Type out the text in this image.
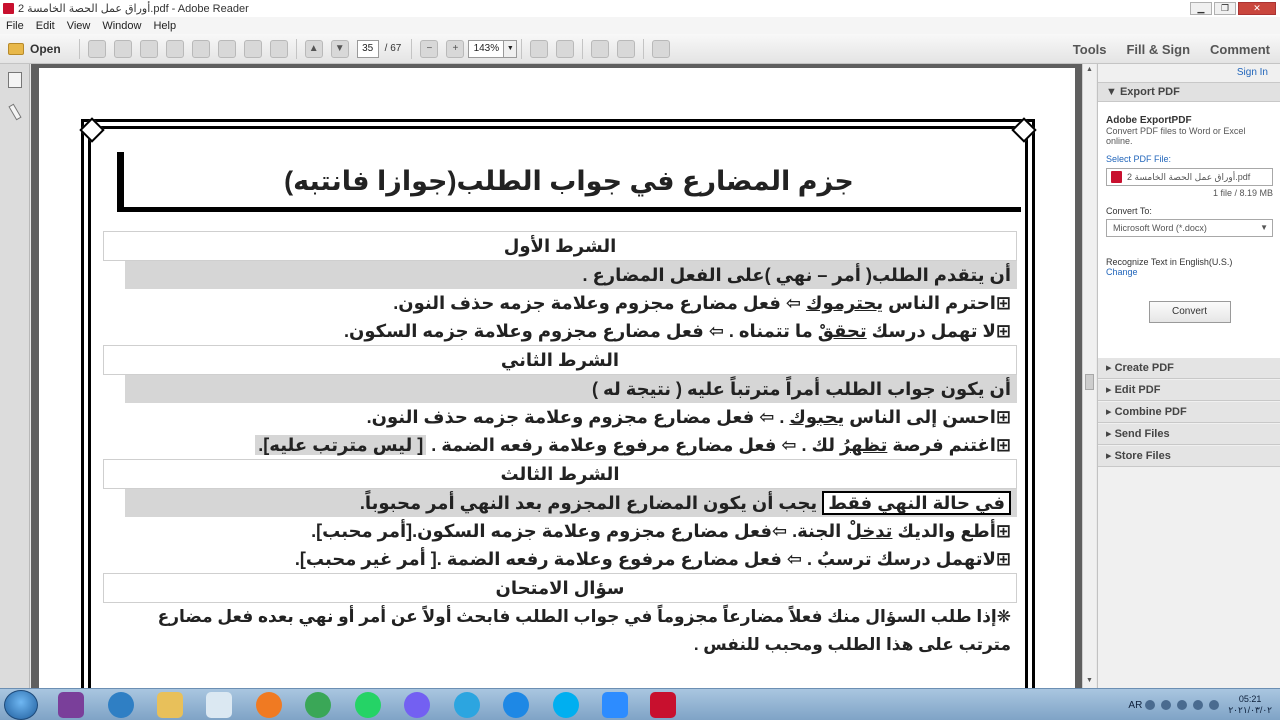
أوراق عمل الحصة الخامسة 2.pdf - Adobe Reader	▁	❐	✕
File	Edit	View	Window	Help
Open	▲	▼	35	/ 67	−	+	143%	▼	Tools	Fill & Sign	Comment
جزم المضارع في جواب الطلب(جوازا فانتبه)
الشرط الأول
أن يتقدم الطلب( أمر – نهي )على الفعل المضارع .
⊞احترم الناس يحترموك ⇦ فعل مضارع مجزوم وعلامة جزمه حذف النون.
⊞لا تهمل درسك تحققْ ما تتمناه . ⇦ فعل مضارع مجزوم وعلامة جزمه السكون.
الشرط الثاني
أن يكون جواب الطلب أمراً مترتباً عليه ( نتيجة له )
⊞احسن إلى الناس يحبوك . ⇦ فعل مضارع مجزوم وعلامة جزمه حذف النون.
⊞اغتنم فرصة تظهرُ لك . ⇦ فعل مضارع مرفوع وعلامة رفعه الضمة . [ ليس مترتب عليه].
الشرط الثالث
في حالة النهي فقط يجب أن يكون المضارع المجزوم بعد النهي أمر محبوباً.
⊞أطع والديك تدخلْ الجنة. ⇦فعل مضارع مجزوم وعلامة جزمه السكون.[أمر محبب].
⊞لاتهمل درسك ترسبُ . ⇦ فعل مضارع مرفوع وعلامة رفعه الضمة .[ أمر غير محبب].
سؤال الامتحان
❋إذا طلب السؤال منك فعلاً مضارعاً مجزوماً في جواب الطلب فابحث أولاً عن أمر أو نهي بعده فعل مضارع
مترتب على هذا الطلب ومحبب للنفس .
▲
▼
Sign In
▼ Export PDF
Adobe ExportPDF
Convert PDF files to Word or Excel online.
Select PDF File:
أوراق عمل الحصة الخامسة 2.pdf
1 file / 8.19 MB
Convert To:
Microsoft Word (*.docx)	▼
Recognize Text in English(U.S.)
Change
Convert
▸ Create PDF
▸ Edit PDF
▸ Combine PDF
▸ Send Files
▸ Store Files
AR
05:21
٢٠٢١/٠٣/٠٢
